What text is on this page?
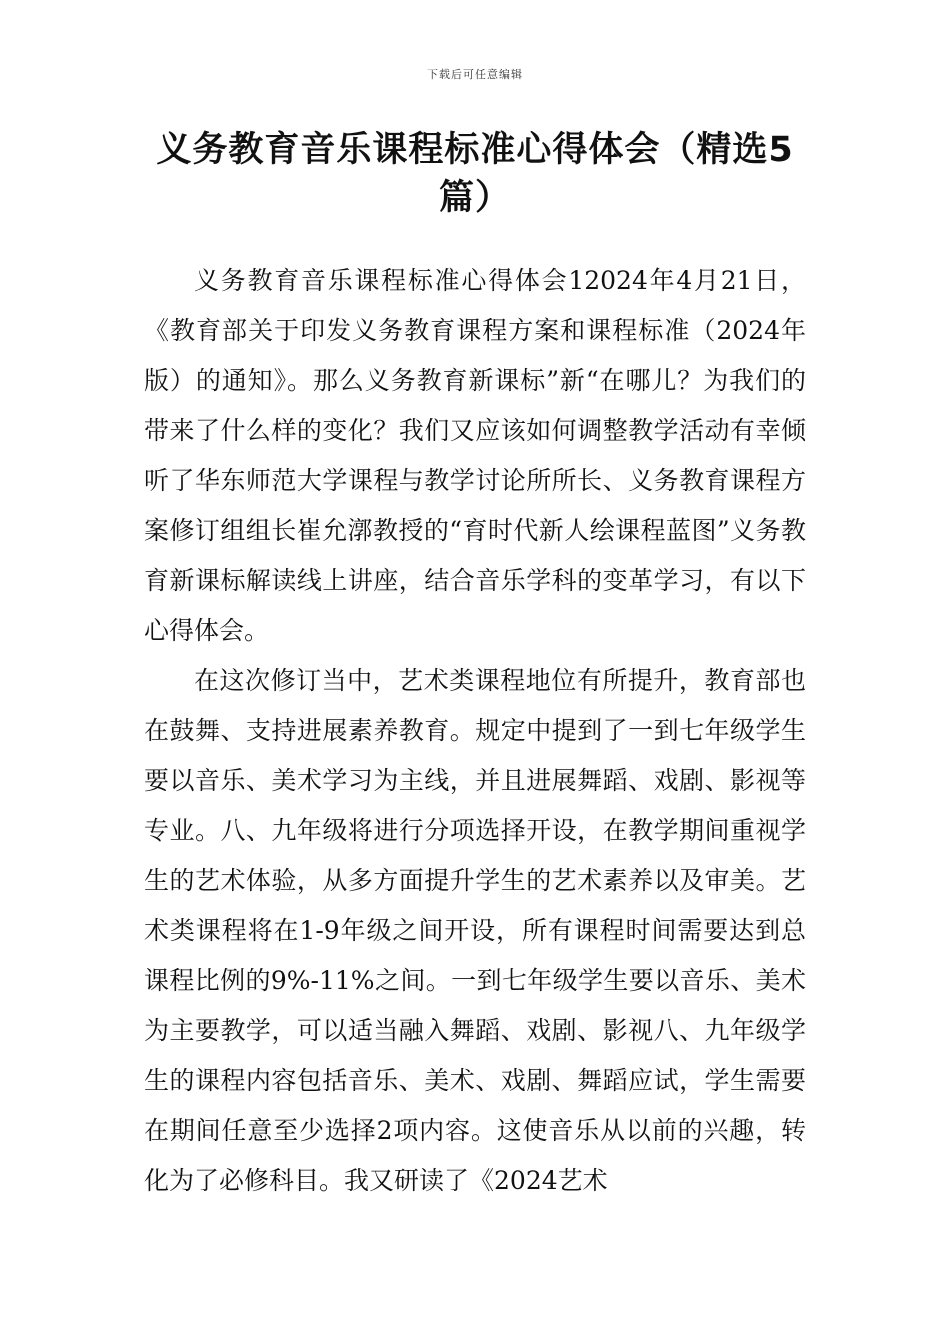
下载后可任意编辑
义务教育音乐课程标准心得体会（精选5篇）

义务教育音乐课程标准心得体会12024年4月21日，《教育部关于印发义务教育课程方案和课程标准（2024年版）的通知》。那么义务教育新课标”新“在哪儿？为我们的带来了什么样的变化？我们又应该如何调整教学活动有幸倾听了华东师范大学课程与教学讨论所所长、义务教育课程方案修订组组长崔允漷教授的“育时代新人绘课程蓝图”义务教育新课标解读线上讲座，结合音乐学科的变革学习，有以下心得体会。

在这次修订当中，艺术类课程地位有所提升，教育部也在鼓舞、支持进展素养教育。规定中提到了一到七年级学生要以音乐、美术学习为主线，并且进展舞蹈、戏剧、影视等专业。八、九年级将进行分项选择开设，在教学期间重视学生的艺术体验，从多方面提升学生的艺术素养以及审美。艺术类课程将在1-9年级之间开设，所有课程时间需要达到总课程比例的9%-11%之间。一到七年级学生要以音乐、美术为主要教学，可以适当融入舞蹈、戏剧、影视八、九年级学生的课程内容包括音乐、美术、戏剧、舞蹈应试，学生需要在期间任意至少选择2项内容。这使音乐从以前的兴趣，转化为了必修科目。我又研读了《2024艺术
